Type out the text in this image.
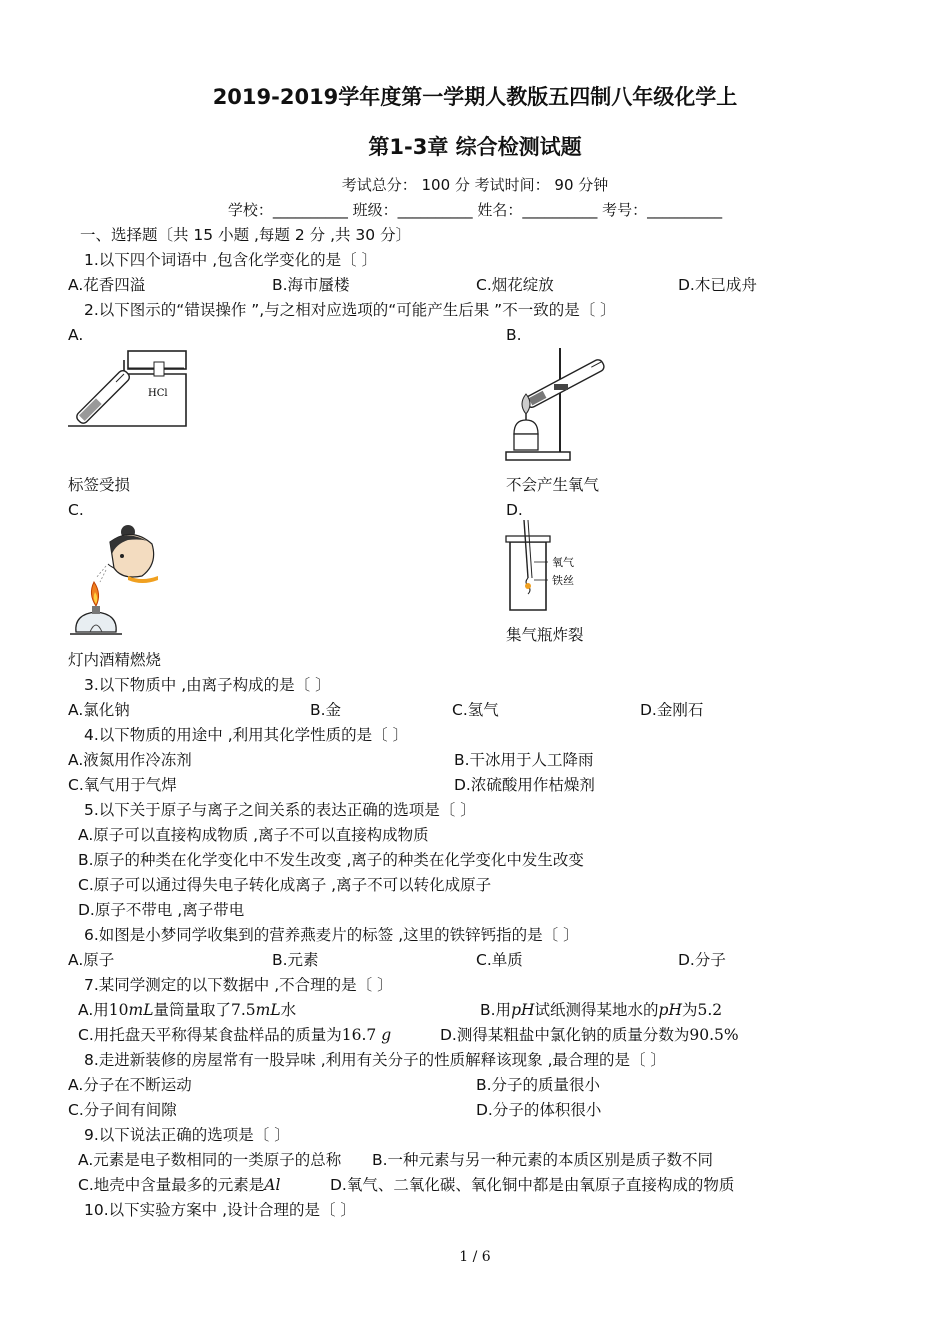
2019-2019学年度第一学期人教版五四制八年级化学上
第1-3章 综合检测试题
考试总分： 100 分 考试时间： 90 分钟
学校：__________ 班级：__________ 姓名：__________ 考号：__________
一、选择题〔共 15 小题 ,每题 2 分 ,共 30 分〕
1.以下四个词语中 ,包含化学变化的是〔 〕
A.花香四溢	B.海市蜃楼	C.烟花绽放	D.木已成舟
2.以下图示的“错误操作 ”,与之相对应选项的“可能产生后果 ”不一致的是〔 〕
A.	B.
HCl
标签受损	不会产生氧气
C.	D.
氧气
铁丝
集气瓶炸裂
灯内酒精燃烧
3.以下物质中 ,由离子构成的是〔 〕
A.氯化钠	B.金	C.氢气	D.金刚石
4.以下物质的用途中 ,利用其化学性质的是〔 〕
A.液氮用作冷冻剂	B.干冰用于人工降雨
C.氧气用于气焊	D.浓硫酸用作枯燥剂
5.以下关于原子与离子之间关系的表达正确的选项是〔 〕
A.原子可以直接构成物质 ,离子不可以直接构成物质
B.原子的种类在化学变化中不发生改变 ,离子的种类在化学变化中发生改变
C.原子可以通过得失电子转化成离子 ,离子不可以转化成原子
D.原子不带电 ,离子带电
6.如图是小梦同学收集到的营养燕麦片的标签 ,这里的铁锌钙指的是〔 〕
A.原子	B.元素	C.单质	D.分子
7.某同学测定的以下数据中 ,不合理的是〔 〕
A.用10mL量筒量取了7.5mL水	B.用pH试纸测得某地水的pH为5.2
C.用托盘天平称得某食盐样品的质量为16.7 g	D.测得某粗盐中氯化钠的质量分数为90.5%
8.走进新装修的房屋常有一股异味 ,利用有关分子的性质解释该现象 ,最合理的是〔 〕
A.分子在不断运动	B.分子的质量很小
C.分子间有间隙	D.分子的体积很小
9.以下说法正确的选项是〔 〕
A.元素是电子数相同的一类原子的总称 B.一种元素与另一种元素的本质区别是质子数不同
C.地壳中含量最多的元素是Al	D.氧气、二氧化碳、氧化铜中都是由氧原子直接构成的物质
10.以下实验方案中 ,设计合理的是〔 〕
1 / 6
